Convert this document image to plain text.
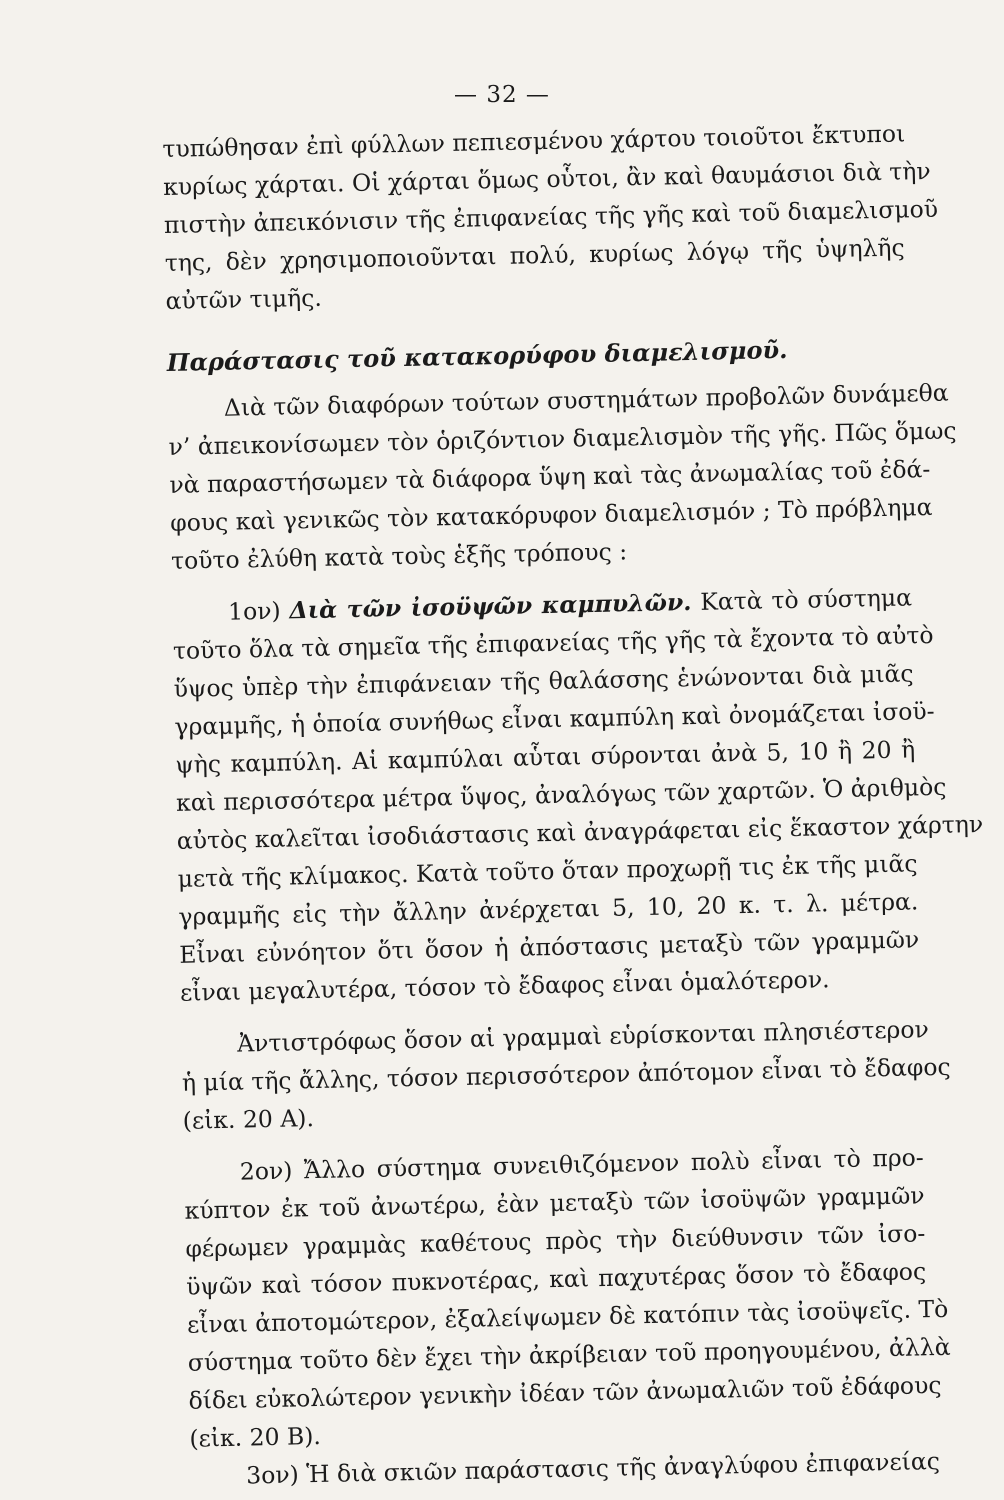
— 32 —
τυπώθησαν ἐπὶ φύλλων πεπιεσμένου χάρτου τοιοῦτοι ἔκτυποι
κυρίως χάρται. Οἱ χάρται ὅμως οὗτοι, ἂν καὶ θαυμάσιοι διὰ τὴν
πιστὴν ἀπεικόνισιν τῆς ἐπιφανείας τῆς γῆς καὶ τοῦ διαμελισμοῦ
της, δὲν χρησιμοποιοῦνται πολύ, κυρίως λόγῳ τῆς ὑψηλῆς
αὐτῶν τιμῆς.
Παράστασις τοῦ κατακορύφου διαμελισμοῦ.
Διὰ τῶν διαφόρων τούτων συστημάτων προβολῶν δυνάμεθα
ν’ ἀπεικονίσωμεν τὸν ὁριζόντιον διαμελισμὸν τῆς γῆς. Πῶς ὅμως
νὰ παραστήσωμεν τὰ διάφορα ὕψη καὶ τὰς ἀνωμαλίας τοῦ ἐδά-
φους καὶ γενικῶς τὸν κατακόρυφον διαμελισμόν ; Τὸ πρόβλημα
τοῦτο ἐλύθη κατὰ τοὺς ἑξῆς τρόπους :
1ον) Διὰ τῶν ἰσοϋψῶν καμπυλῶν. Κατὰ τὸ σύστημα
τοῦτο ὅλα τὰ σημεῖα τῆς ἐπιφανείας τῆς γῆς τὰ ἔχοντα τὸ αὐτὸ
ὕψος ὑπὲρ τὴν ἐπιφάνειαν τῆς θαλάσσης ἑνώνονται διὰ μιᾶς
γραμμῆς, ἡ ὁποία συνήθως εἶναι καμπύλη καὶ ὀνομάζεται ἰσοϋ-
ψὴς καμπύλη. Αἱ καμπύλαι αὗται σύρονται ἀνὰ 5, 10 ἢ 20 ἢ
καὶ περισσότερα μέτρα ὕψος, ἀναλόγως τῶν χαρτῶν. Ὁ ἀριθμὸς
αὐτὸς καλεῖται ἰσοδιάστασις καὶ ἀναγράφεται εἰς ἕκαστον χάρτην
μετὰ τῆς κλίμακος. Κατὰ τοῦτο ὅταν προχωρῇ τις ἐκ τῆς μιᾶς
γραμμῆς εἰς τὴν ἄλλην ἀνέρχεται 5, 10, 20 κ. τ. λ. μέτρα.
Εἶναι εὐνόητον ὅτι ὅσον ἡ ἀπόστασις μεταξὺ τῶν γραμμῶν
εἶναι μεγαλυτέρα, τόσον τὸ ἔδαφος εἶναι ὁμαλότερον.
Ἀντιστρόφως ὅσον αἱ γραμμαὶ εὑρίσκονται πλησιέστερον
ἡ μία τῆς ἄλλης, τόσον περισσότερον ἀπότομον εἶναι τὸ ἔδαφος
(εἰκ. 20 Α).
2ον) Ἄλλο σύστημα συνειθιζόμενον πολὺ εἶναι τὸ προ-
κύπτον ἐκ τοῦ ἀνωτέρω, ἐὰν μεταξὺ τῶν ἰσοϋψῶν γραμμῶν
φέρωμεν γραμμὰς καθέτους πρὸς τὴν διεύθυνσιν τῶν ἰσο-
ϋψῶν καὶ τόσον πυκνοτέρας, καὶ παχυτέρας ὅσον τὸ ἔδαφος
εἶναι ἀποτομώτερον, ἐξαλείψωμεν δὲ κατόπιν τὰς ἰσοϋψεῖς. Τὸ
σύστημα τοῦτο δὲν ἔχει τὴν ἀκρίβειαν τοῦ προηγουμένου, ἀλλὰ
δίδει εὐκολώτερον γενικὴν ἰδέαν τῶν ἀνωμαλιῶν τοῦ ἐδάφους
(εἰκ. 20 Β).
3ον) Ἡ διὰ σκιῶν παράστασις τῆς ἀναγλύφου ἐπιφανείας
